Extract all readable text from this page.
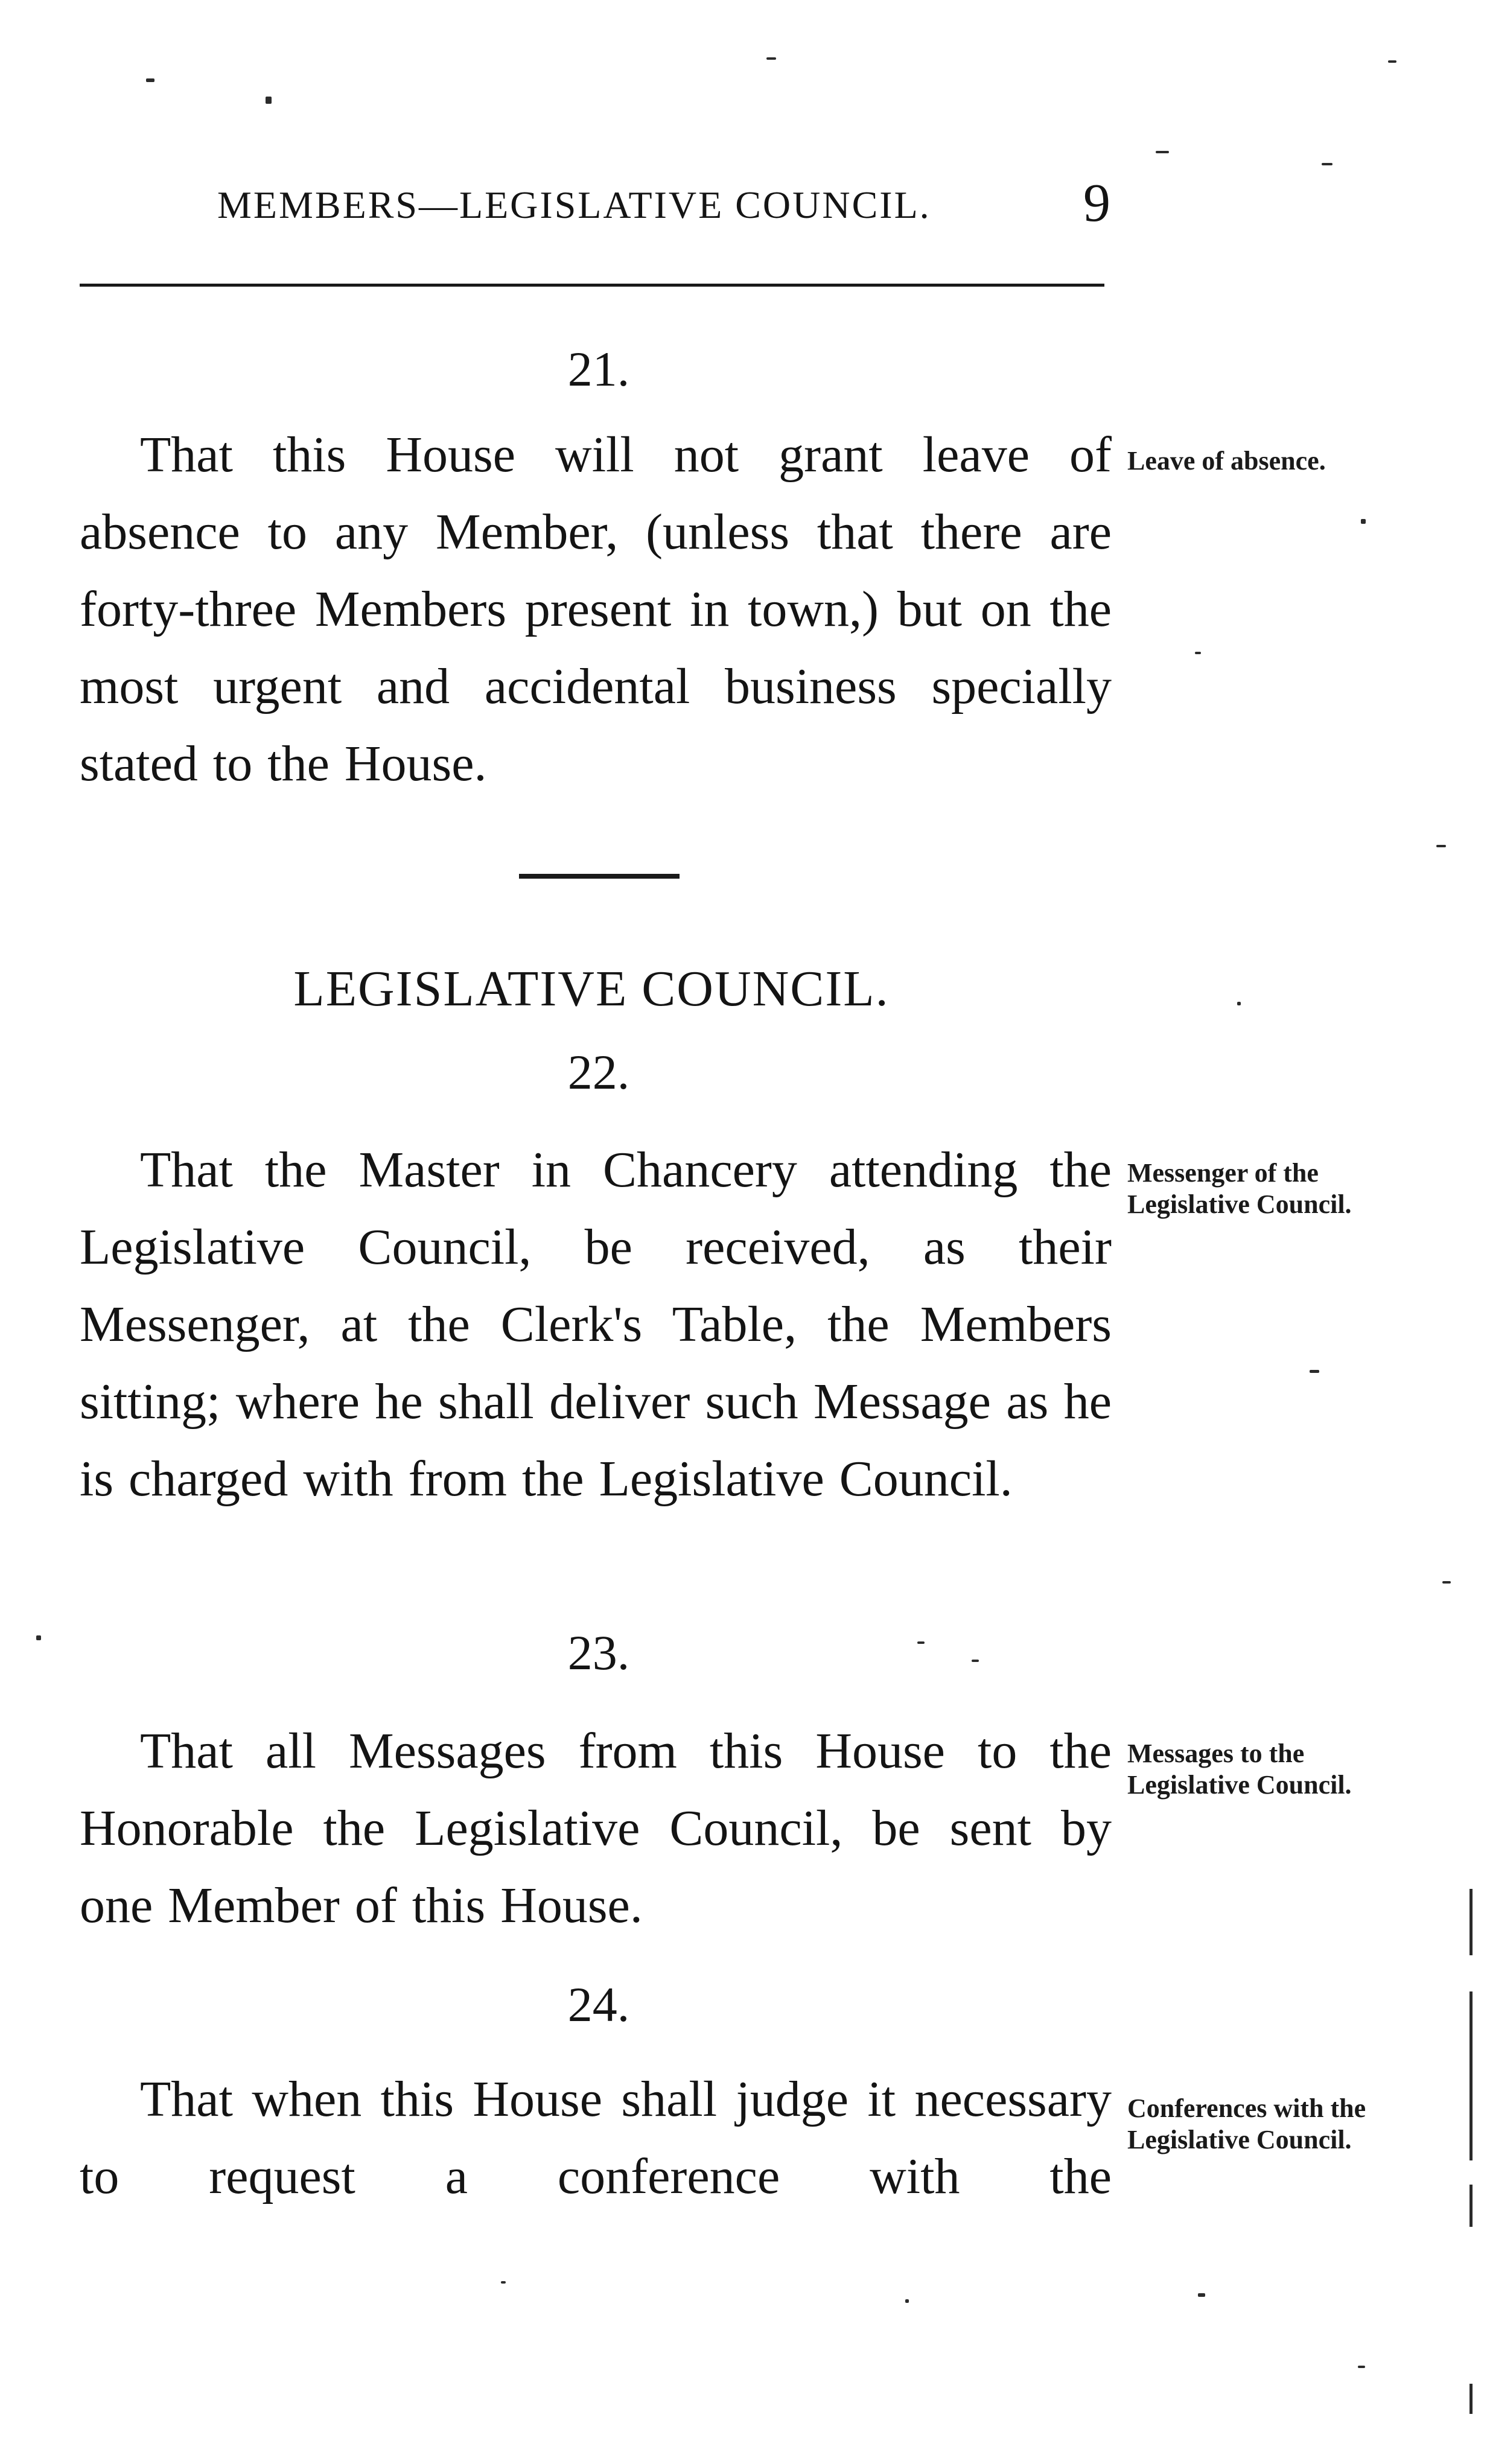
MEMBERS—LEGISLATIVE COUNCIL.	9
21.

That this House will not grant leave of absence to any Member, (unless that there are forty-three Members present in town,) but on the most urgent and accidental business specially stated to the House.

Leave of absence.
LEGISLATIVE COUNCIL.
22.

That the Master in Chancery attending the Legislative Council, be received, as their Messenger, at the Clerk's Table, the Members sitting; where he shall deliver such Message as he is charged with from the Legislative Council.

Messenger of the Legislative Council.
23.

That all Messages from this House to the Honorable the Legislative Council, be sent by one Member of this House.

Messages to the Legislative Council.
24.

That when this House shall judge it necessary to request a conference with the

Conferences with the Legislative Council.
